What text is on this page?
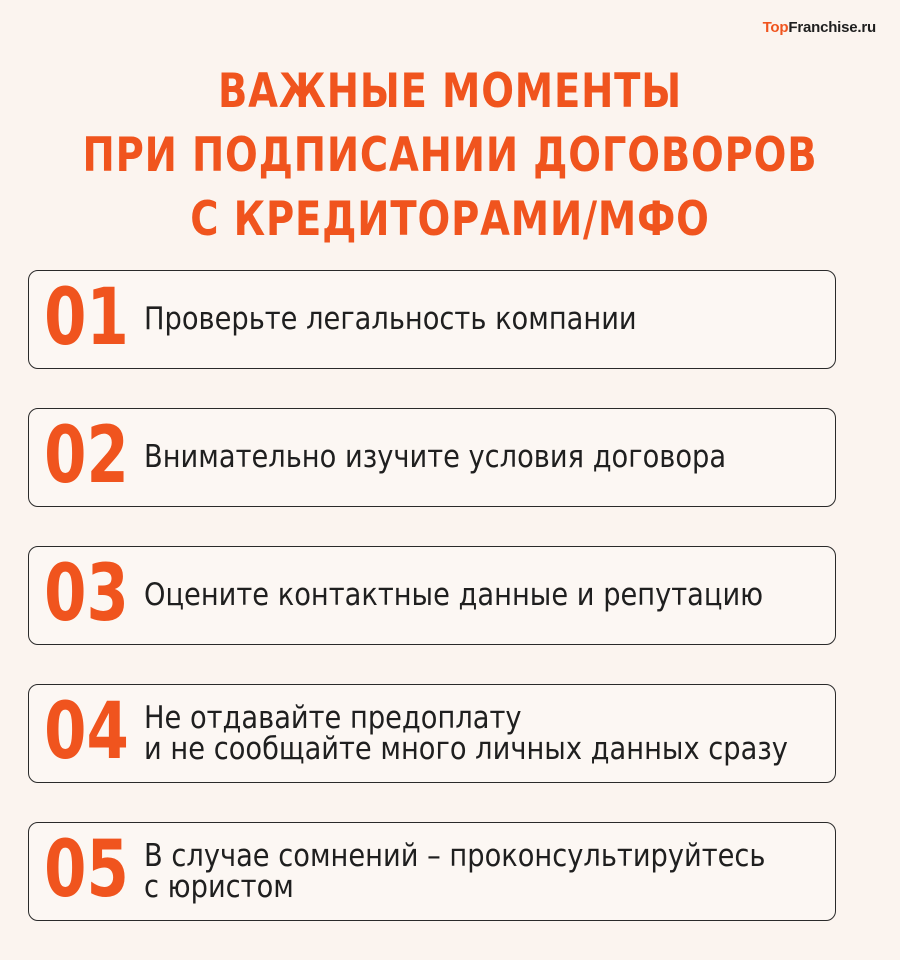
TopFranchise.ru
ВАЖНЫЕ МОМЕНТЫ
ПРИ ПОДПИСАНИИ ДОГОВОРОВ
С КРЕДИТОРАМИ/МФО
01 Проверьте легальность компании
02 Внимательно изучите условия договора
03 Оцените контактные данные и репутацию
04 Не отдавайте предоплату
и не сообщайте много личных данных сразу
05 В случае сомнений – проконсультируйтесь
с юристом
